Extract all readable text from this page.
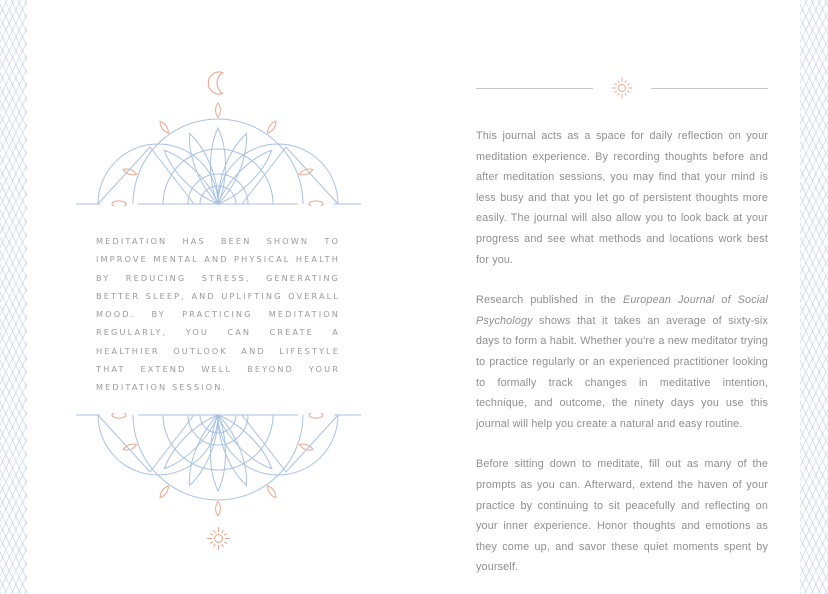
MEDITATION HAS BEEN SHOWN TO IMPROVE MENTAL AND PHYSICAL HEALTH BY REDUCING STRESS, GENERATING BETTER SLEEP, AND UPLIFTING OVERALL MOOD. BY PRACTICING MEDITATION REGULARLY, YOU CAN CREATE A HEALTHIER OUTLOOK AND LIFESTYLE THAT EXTEND WELL BEYOND YOUR MEDITATION SESSION.

This journal acts as a space for daily reflection on your meditation experience. By recording thoughts before and after meditation sessions, you may find that your mind is less busy and that you let go of persistent thoughts more easily. The journal will also allow you to look back at your progress and see what methods and locations work best for you.

Research published in the European Journal of Social Psychology shows that it takes an average of sixty-six days to form a habit. Whether you're a new meditator trying to practice regularly or an experienced practitioner looking to formally track changes in meditative intention, technique, and outcome, the ninety days you use this journal will help you create a natural and easy routine.

Before sitting down to meditate, fill out as many of the prompts as you can. Afterward, extend the haven of your practice by continuing to sit peacefully and reflecting on your inner experience. Honor thoughts and emotions as they come up, and savor these quiet moments spent by yourself.
